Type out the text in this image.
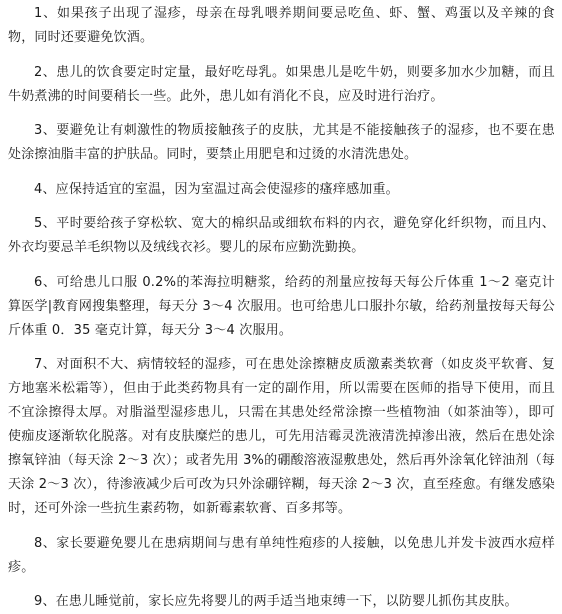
1、如果孩子出现了湿疹，母亲在母乳喂养期间要忌吃鱼、虾、蟹、鸡蛋以及辛辣的食物，同时还要避免饮酒。

2、患儿的饮食要定时定量，最好吃母乳。如果患儿是吃牛奶，则要多加水少加糖，而且牛奶煮沸的时间要稍长一些。此外，患儿如有消化不良，应及时进行治疗。

3、要避免让有刺激性的物质接触孩子的皮肤，尤其是不能接触孩子的湿疹，也不要在患处涂擦油脂丰富的护肤品。同时，要禁止用肥皂和过烫的水清洗患处。

4、应保持适宜的室温，因为室温过高会使湿疹的瘙痒感加重。

5、平时要给孩子穿松软、宽大的棉织品或细软布料的内衣，避免穿化纤织物，而且内、外衣均要忌羊毛织物以及绒线衣衫。婴儿的尿布应勤洗勤换。

6、可给患儿口服 0.2%的苯海拉明糖浆，给药的剂量应按每天每公斤体重 1～2 毫克计算医学|教育网搜集整理，每天分 3～4 次服用。也可给患儿口服扑尔敏，给药剂量按每天每公斤体重 0．35 毫克计算，每天分 3～4 次服用。

7、对面积不大、病情较轻的湿疹，可在患处涂擦糖皮质激素类软膏（如皮炎平软膏、复方地塞米松霜等），但由于此类药物具有一定的副作用，所以需要在医师的指导下使用，而且不宜涂擦得太厚。对脂溢型湿疹患儿，只需在其患处经常涂擦一些植物油（如茶油等），即可使痂皮逐渐软化脱落。对有皮肤糜烂的患儿，可先用洁霉灵洗液清洗掉渗出液，然后在患处涂擦氧锌油（每天涂 2～3 次）；或者先用 3%的硼酸溶液湿敷患处，然后再外涂氧化锌油剂（每天涂 2～3 次），待渗液减少后可改为只外涂硼锌糊，每天涂 2～3 次，直至痊愈。有继发感染时，还可外涂一些抗生素药物，如新霉素软膏、百多邦等。

8、家长要避免婴儿在患病期间与患有单纯性疱疹的人接触，以免患儿并发卡波西水痘样疹。

9、在患儿睡觉前，家长应先将婴儿的两手适当地束缚一下，以防婴儿抓伤其皮肤。
